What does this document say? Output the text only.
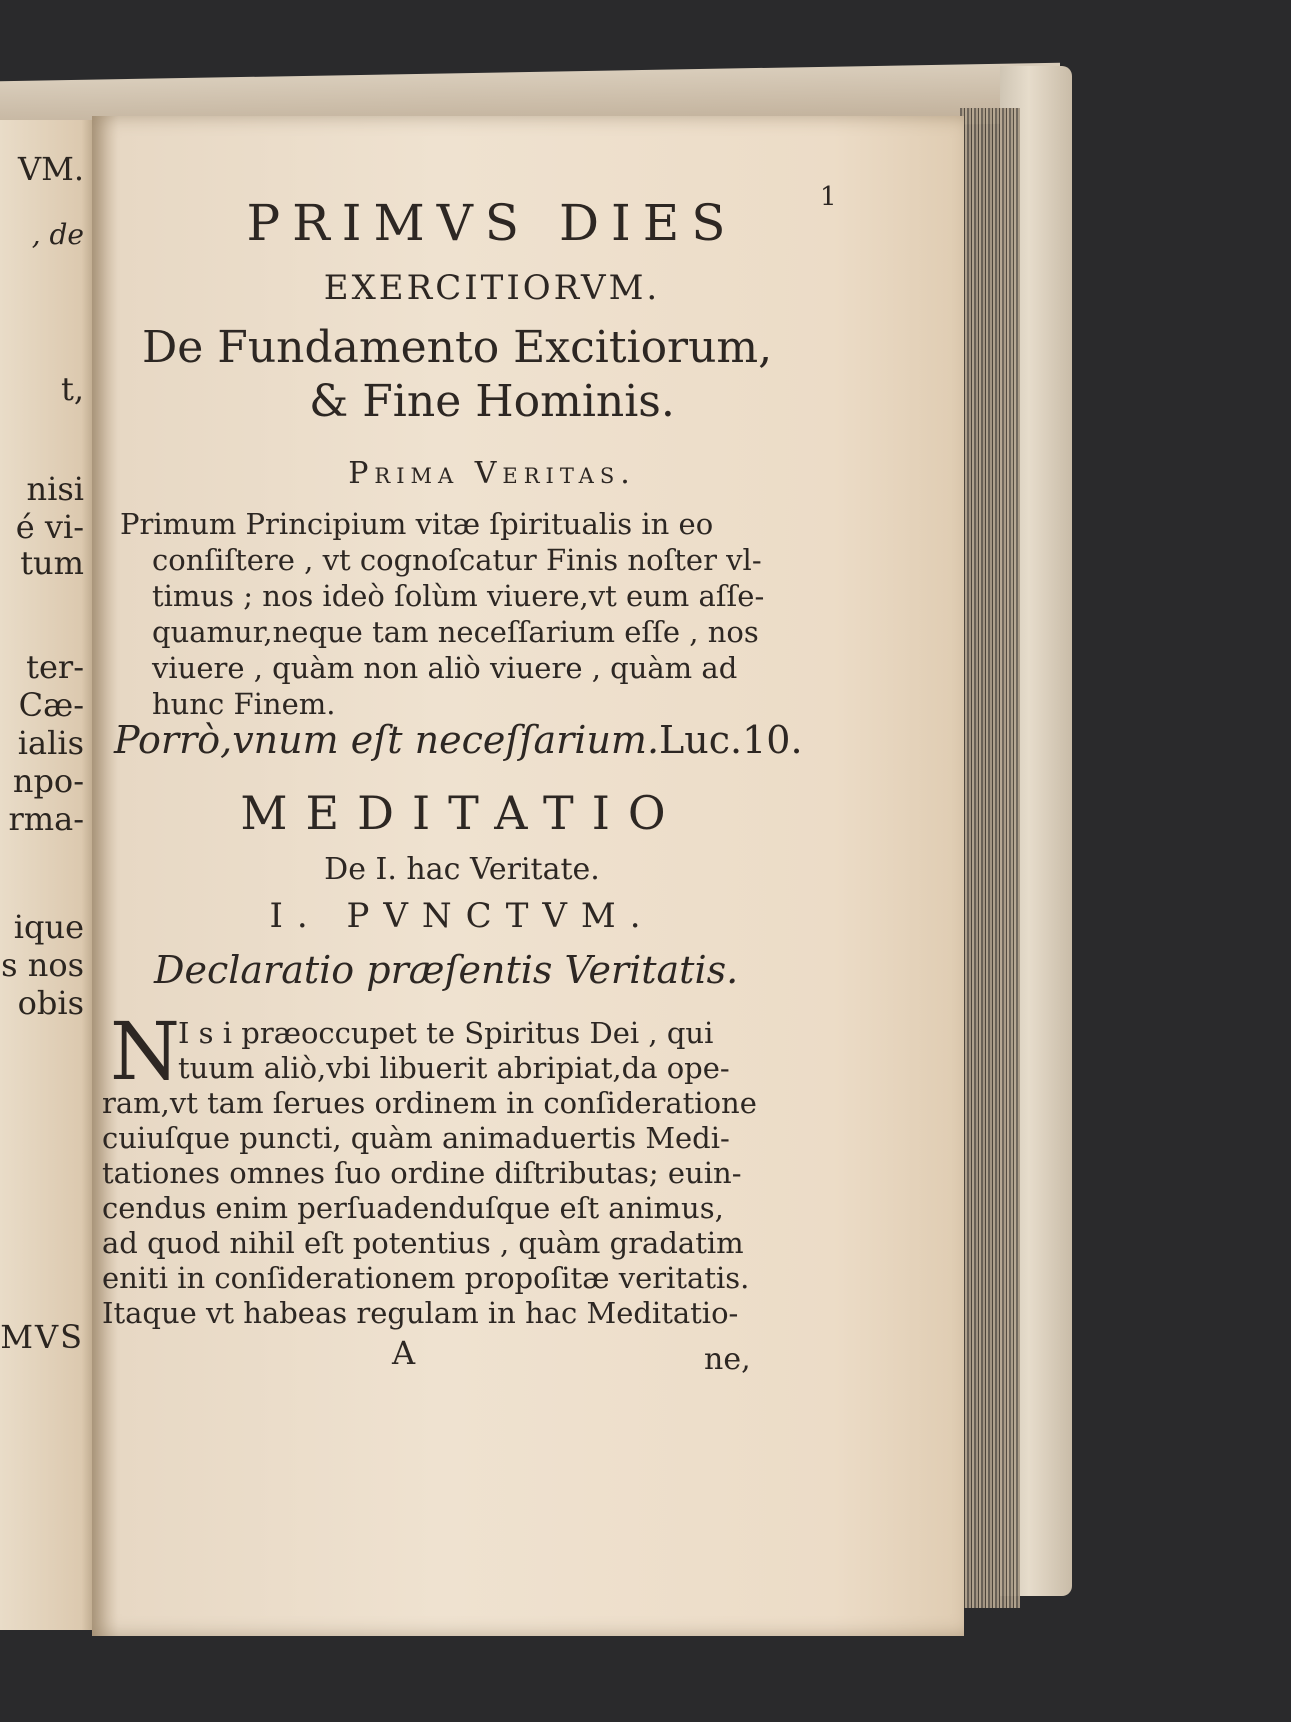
VM.
, de
t,
nisi
é vi-
tum
ter-
Cæ-
ialis
npo-
rma-
ique
s nos
obis
MVS
1
PRIMVS DIES
EXERCITIORVM.
De Fundamento Excitiorum,
& Fine Hominis.
Prima Veritas.
Primum Principium vitæ ſpiritualis in eo
conſiſtere , vt cognoſcatur Finis noſter vl-
timus ; nos ideò ſolùm viuere,vt eum aſſe-
quamur,neque tam neceſſarium eſſe , nos
viuere , quàm non aliò viuere , quàm ad
hunc Finem.
Porrò,vnum eſt neceſſarium.Luc.10.
MEDITATIO
De I. hac Veritate.
I. PVNCTVM.
Declaratio præſentis Veritatis.
N
I s i præoccupet te Spiritus Dei , qui
tuum aliò,vbi libuerit abripiat,da ope-
ram,vt tam ſerues ordinem in conſideratione
cuiuſque puncti, quàm animaduertis Medi-
tationes omnes ſuo ordine diſtributas; euin-
cendus enim perſuadenduſque eſt animus,
ad quod nihil eſt potentius , quàm gradatim
eniti in conſiderationem propoſitæ veritatis.
Itaque vt habeas regulam in hac Meditatio-
A	ne,
